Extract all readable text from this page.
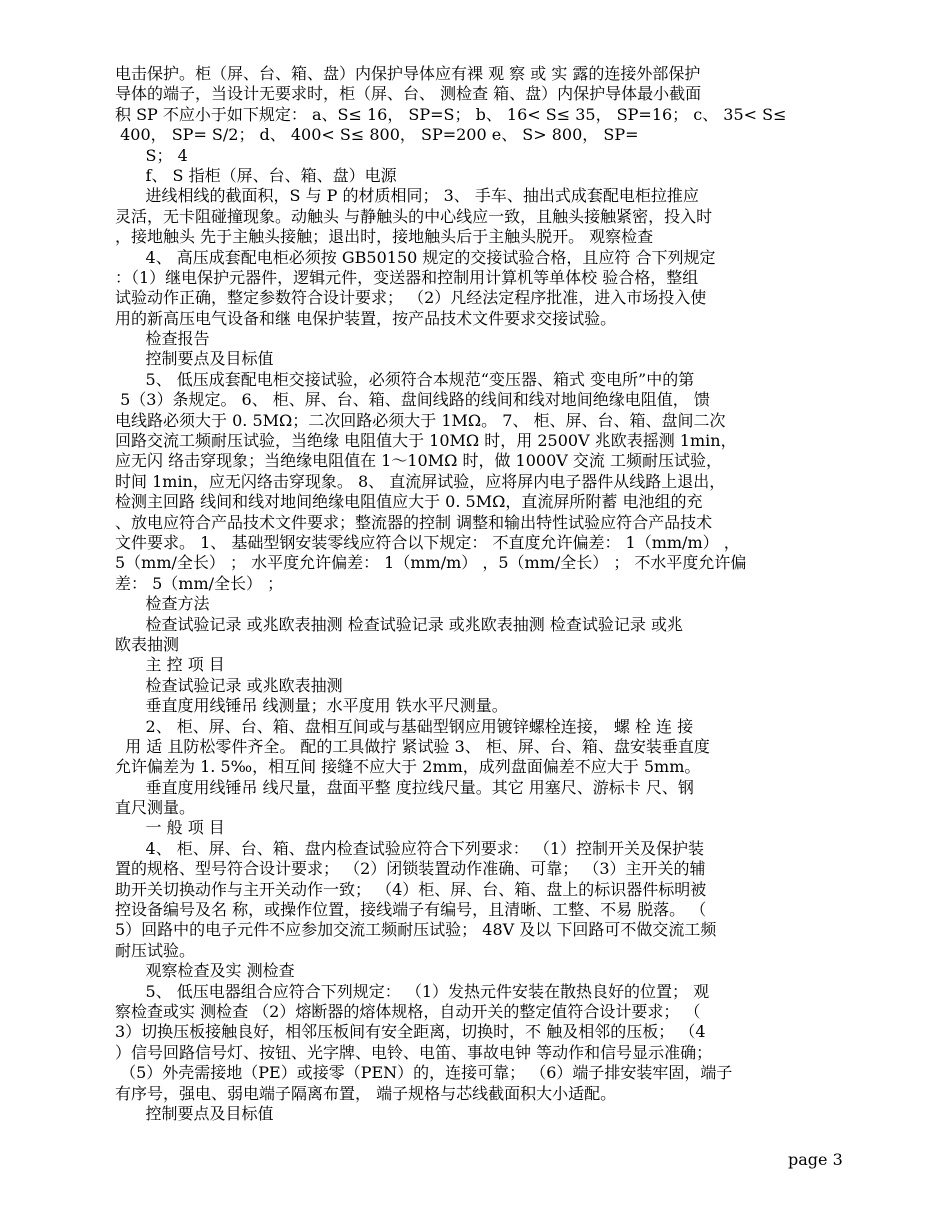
电击保护。柜（屏、台、箱、盘）内保护导体应有裸 观 察 或 实 露的连接外部保护
导体的端子，当设计无要求时，柜（屏、台、 测检查 箱、盘）内保护导体最小截面
积 SP 不应小于如下规定： a、S≤ 16， SP=S； b、 16< S≤ 35， SP=16； c、 35< S≤
400， SP= S/2； d、 400< S≤ 800， SP=200 e、 S> 800， SP=
S； 4
f、 S 指柜（屏、台、箱、盘）电源
进线相线的截面积，S 与 P 的材质相同； 3、 手车、抽出式成套配电柜拉推应
灵活，无卡阻碰撞现象。动触头 与静触头的中心线应一致，且触头接触紧密，投入时
，接地触头 先于主触头接触；退出时，接地触头后于主触头脱开。 观察检查
4、 高压成套配电柜必须按 GB50150 规定的交接试验合格，且应符 合下列规定
：（1）继电保护元器件，逻辑元件，变送器和控制用计算机等单体校 验合格，整组
试验动作正确，整定参数符合设计要求； （2）凡经法定程序批准，进入市场投入使
用的新高压电气设备和继 电保护装置，按产品技术文件要求交接试验。
检查报告
控制要点及目标值
5、 低压成套配电柜交接试验，必须符合本规范“变压器、箱式 变电所”中的第
5（3）条规定。 6、 柜、屏、台、箱、盘间线路的线间和线对地间绝缘电阻值， 馈
电线路必须大于 0. 5MΩ；二次回路必须大于 1MΩ。 7、 柜、屏、台、箱、盘间二次
回路交流工频耐压试验，当绝缘 电阻值大于 10MΩ 时，用 2500V 兆欧表摇测 1min，
应无闪 络击穿现象；当绝缘电阻值在 1～10MΩ 时，做 1000V 交流 工频耐压试验，
时间 1min，应无闪络击穿现象。 8、 直流屏试验，应将屏内电子器件从线路上退出，
检测主回路 线间和线对地间绝缘电阻值应大于 0. 5MΩ，直流屏所附蓄 电池组的充
、放电应符合产品技术文件要求；整流器的控制 调整和输出特性试验应符合产品技术
文件要求。 1、 基础型钢安装零线应符合以下规定： 不直度允许偏差： 1（mm/m） ，
5（mm/全长） ； 水平度允许偏差： 1（mm/m） ，5（mm/全长） ； 不水平度允许偏
差： 5（mm/全长） ；
检查方法
检查试验记录 或兆欧表抽测 检查试验记录 或兆欧表抽测 检查试验记录 或兆
欧表抽测
主 控 项 目
检查试验记录 或兆欧表抽测
垂直度用线锤吊 线测量；水平度用 铁水平尺测量。
2、 柜、屏、台、箱、盘相互间或与基础型钢应用镀锌螺栓连接， 螺 栓 连 接
用 适 且防松零件齐全。 配的工具做拧 紧试验 3、 柜、屏、台、箱、盘安装垂直度
允许偏差为 1. 5‰，相互间 接缝不应大于 2mm，成列盘面偏差不应大于 5mm。
垂直度用线锤吊 线尺量，盘面平整 度拉线尺量。其它 用塞尺、游标卡 尺、钢
直尺测量。
一 般 项 目
4、 柜、屏、台、箱、盘内检查试验应符合下列要求： （1）控制开关及保护装
置的规格、型号符合设计要求； （2）闭锁装置动作准确、可靠； （3）主开关的辅
助开关切换动作与主开关动作一致； （4）柜、屏、台、箱、盘上的标识器件标明被
控设备编号及名 称，或操作位置，接线端子有编号，且清晰、工整、不易 脱落。 （
5）回路中的电子元件不应参加交流工频耐压试验； 48V 及以 下回路可不做交流工频
耐压试验。
观察检查及实 测检查
5、 低压电器组合应符合下列规定： （1）发热元件安装在散热良好的位置； 观
察检查或实 测检查 （2）熔断器的熔体规格，自动开关的整定值符合设计要求； （
3）切换压板接触良好，相邻压板间有安全距离，切换时，不 触及相邻的压板； （4
）信号回路信号灯、按钮、光字牌、电铃、电笛、事故电钟 等动作和信号显示准确；
（5）外壳需接地（PE）或接零（PEN）的，连接可靠； （6）端子排安装牢固，端子
有序号，强电、弱电端子隔离布置， 端子规格与芯线截面积大小适配。
控制要点及目标值
page 3
